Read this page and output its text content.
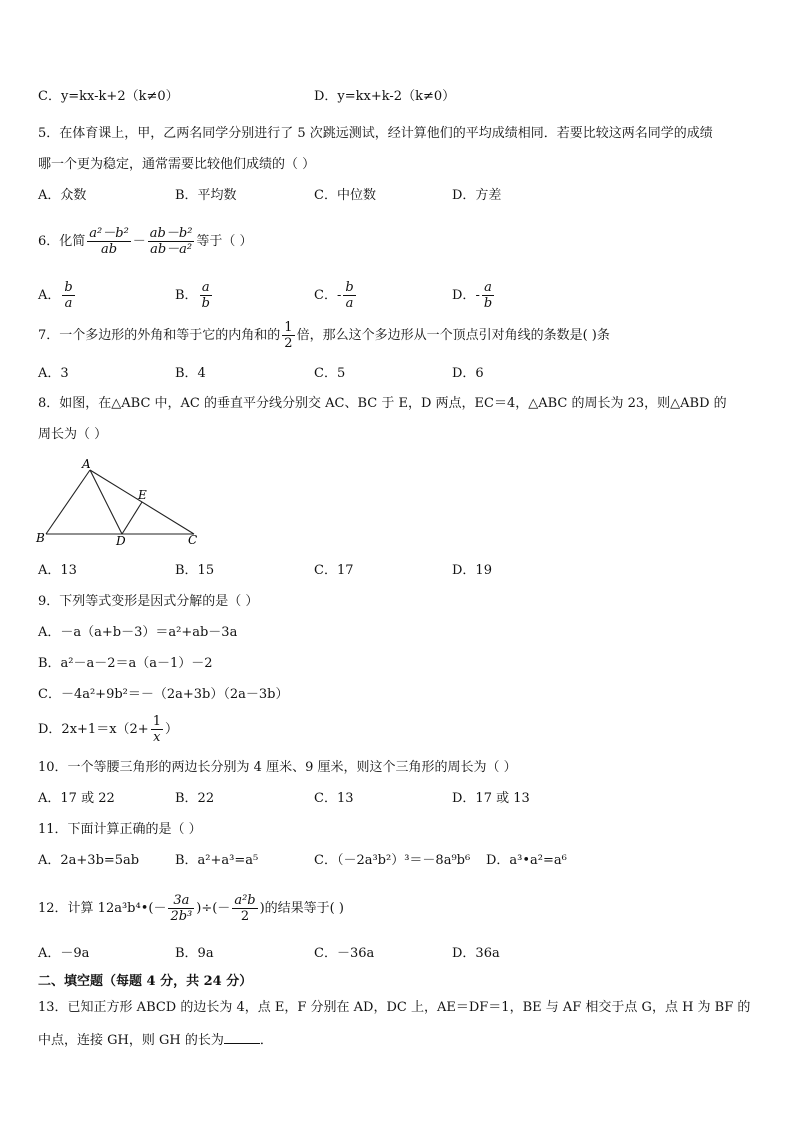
C．y=kx-k+2（k≠0）	D．y=kx+k-2（k≠0）
5．在体育课上，甲，乙两名同学分别进行了 5 次跳远测试，经计算他们的平均成绩相同．若要比较这两名同学的成绩
哪一个更为稳定，通常需要比较他们成绩的（ ）
A．众数	B．平均数	C．中位数	D．方差
6．化简 $\frac{\text{a²－b²}}{ab} - \frac{\text{ab－b²}}{\text{ab－a²}}$ 等于（ ）
A． $\frac{b}{a}$	B． $\frac{a}{b}$	C．- $\frac{b}{a}$	D．- $\frac{a}{b}$
7．一个多边形的外角和等于它的内角和的 $\frac{1}{2}$ 倍，那么这个多边形从一个顶点引对角线的条数是( )条
A．3	B．4	C．5	D．6
8．如图，在△ABC 中，AC 的垂直平分线分别交 AC、BC 于 E，D 两点，EC＝4，△ABC 的周长为 23，则△ABD 的
周长为（ ）
A
B	C
D
E
A．13	B．15	C．17	D．19
9．下列等式变形是因式分解的是（ ）
A．－a（a+b－3）＝a²+ab－3a
B．a²－a－2＝a（a－1）－2
C．－4a²+9b²＝－（2a+3b）（2a－3b）
D．$2x+1=x(2+ \frac{1}{x}$ ）
10．一个等腰三角形的两边长分别为 4 厘米、9 厘米，则这个三角形的周长为（ ）
A．17 或 22	B．22	C．13	D．17 或 13
11．下面计算正确的是（ ）
A．2a+3b=5ab	B．a²+a³=a⁵	C．（－2a³b²）³＝－8a⁹b⁶ D．a³•a²=a⁶
12．计算 12a³b⁴•(－ $\frac{3a}{\text{2b³}}$ )÷(－ $\frac{\text{a²b}}{2}$ )的结果等于( )
A．－9a	B．9a	C．－36a	D．36a
二、填空题（每题 4 分，共 24 分）
13．已知正方形 ABCD 的边长为 4，点 E，F 分别在 AD，DC 上，AE＝DF＝1，BE 与 AF 相交于点 G，点 H 为 BF 的
中点，连接 GH，则 GH 的长为	．
